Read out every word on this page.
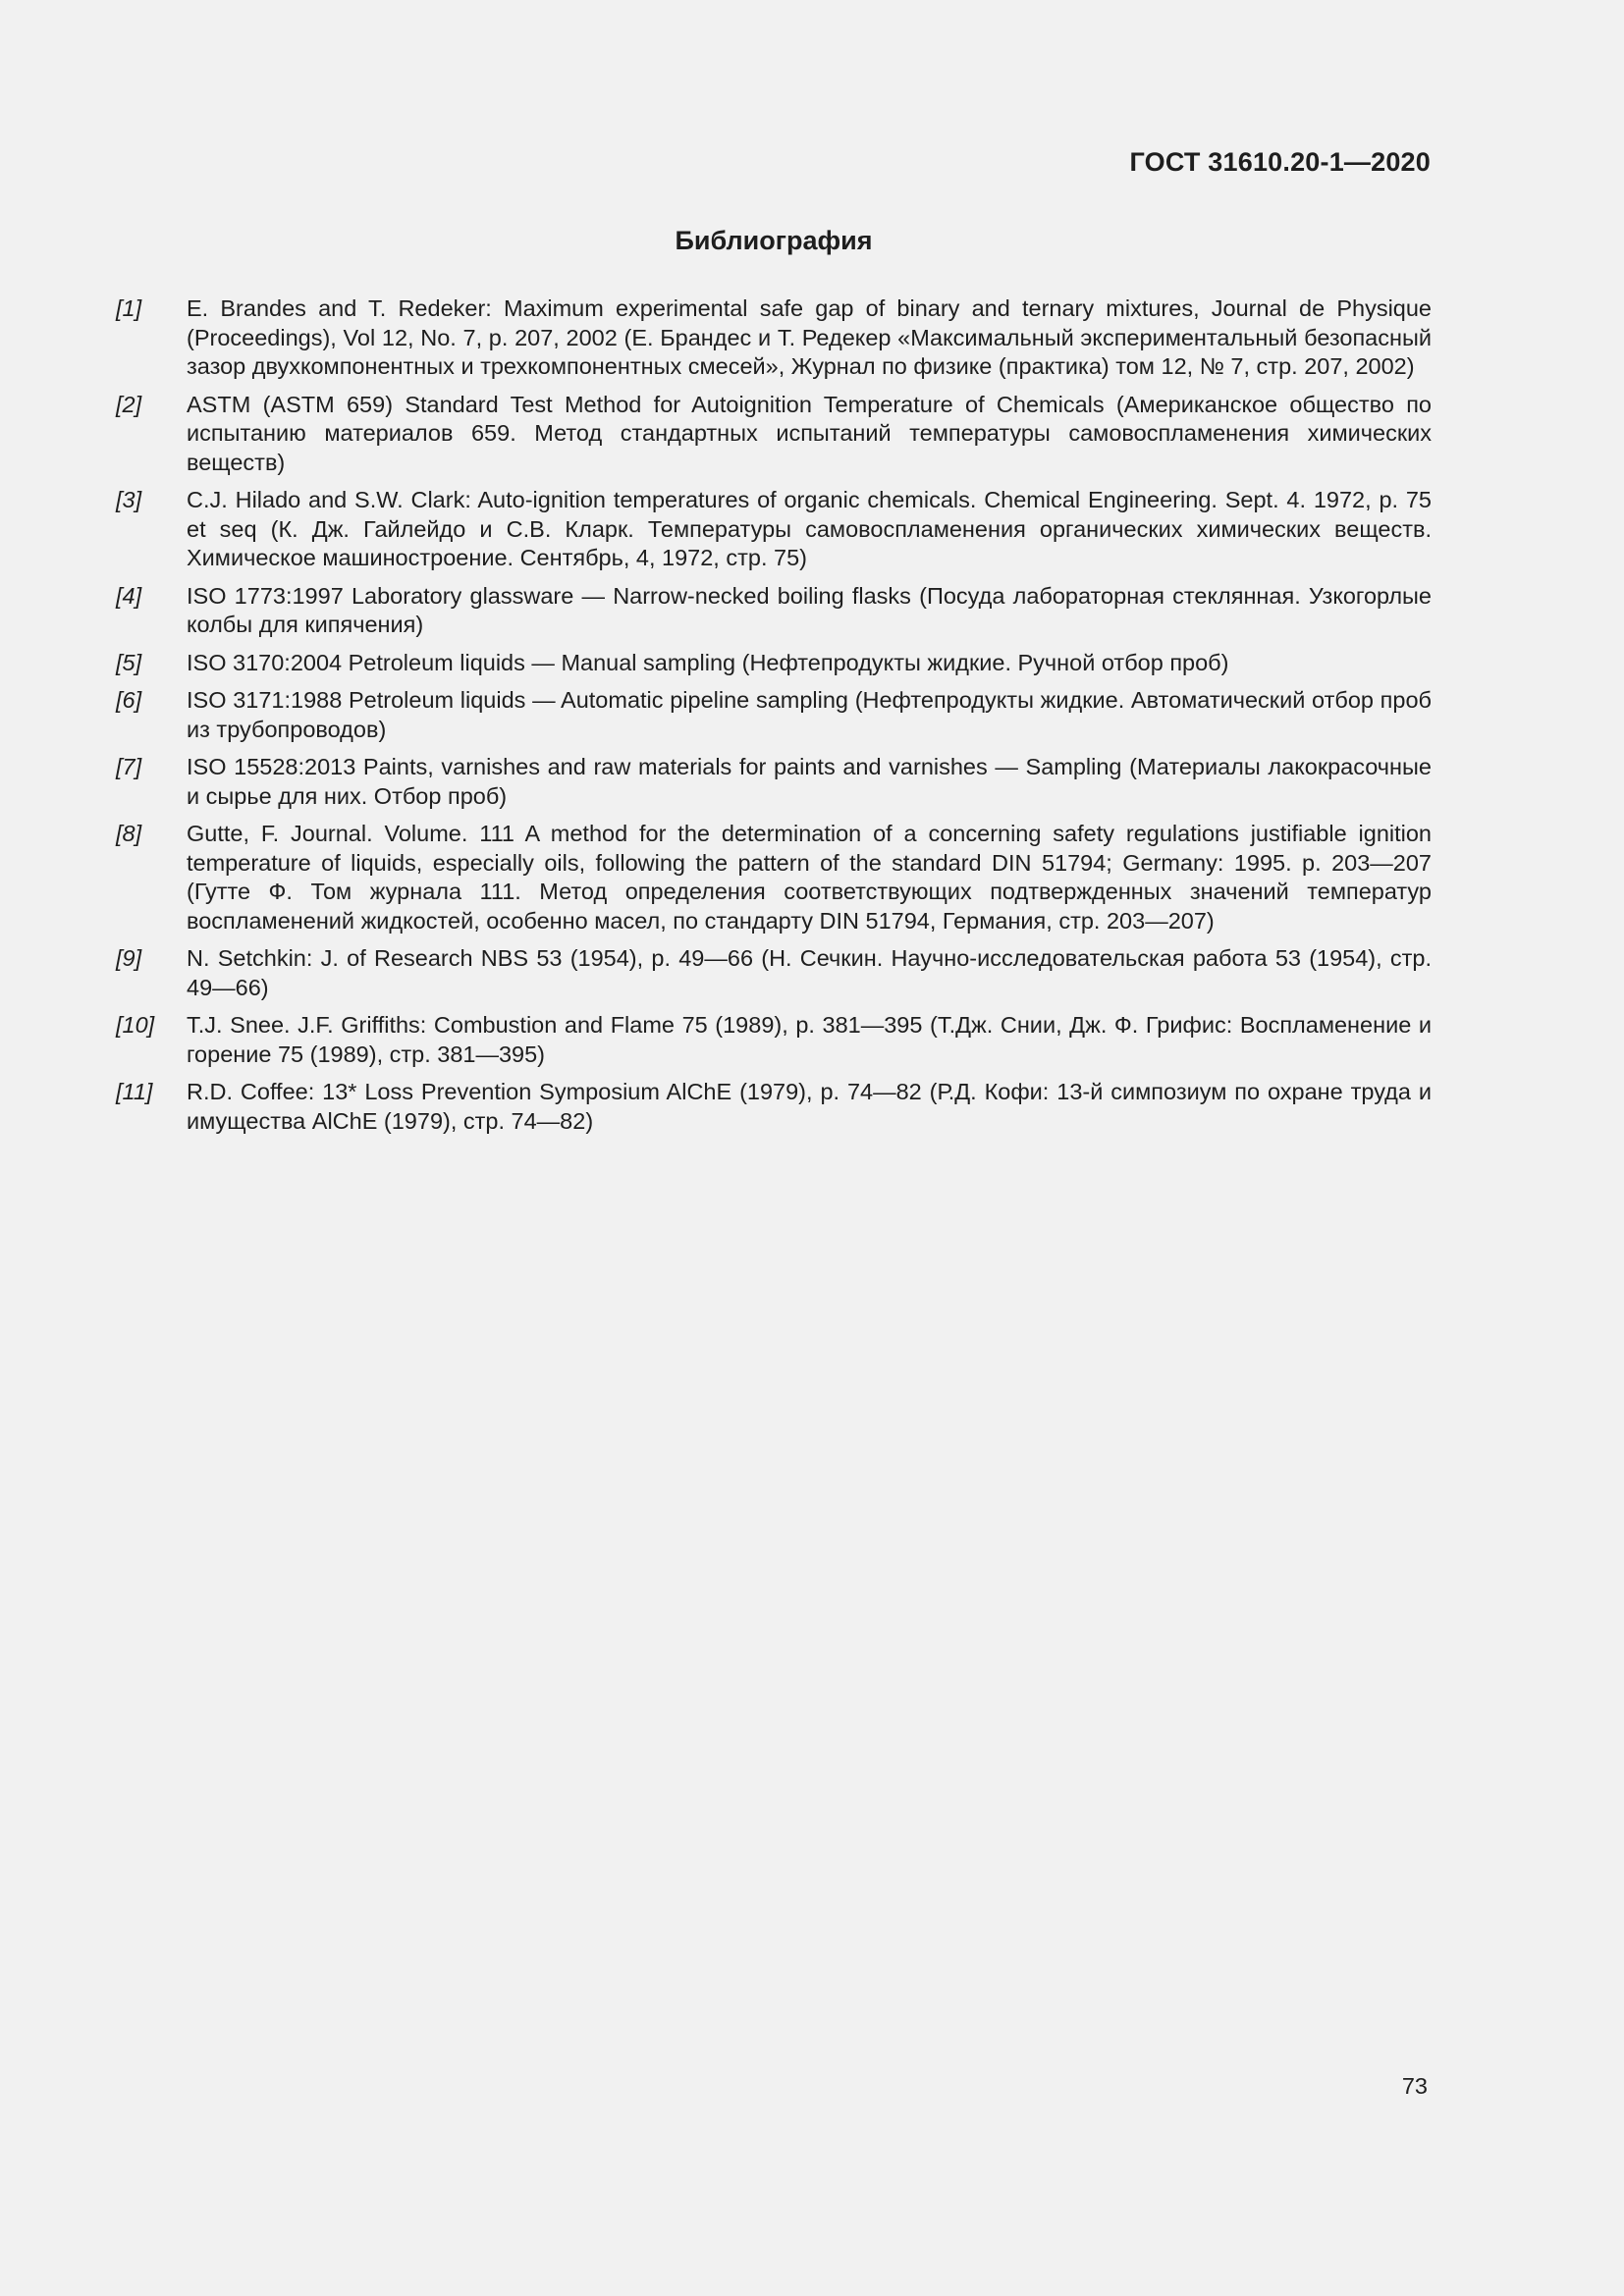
ГОСТ 31610.20-1—2020
Библиография
[1]	E. Brandes and T. Redeker: Maximum experimental safe gap of binary and ternary mixtures, Journal de Physique (Proceedings), Vol 12, No. 7, p. 207, 2002 (Е. Брандес и Т. Редекер «Максимальный экспериментальный безопасный зазор двухкомпонентных и трехкомпонентных смесей», Журнал по физике (практика) том 12, № 7, стр. 207, 2002)
[2]	ASTM (ASTM 659) Standard Test Method for Autoignition Temperature of Chemicals (Американское общество по испытанию материалов 659. Метод стандартных испытаний температуры самовоспламенения химических веществ)
[3]	C.J. Hilado and S.W. Clark: Auto-ignition temperatures of organic chemicals. Chemical Engineering. Sept. 4. 1972, p. 75 et seq (К. Дж. Гайлейдо и С.В. Кларк. Температуры самовоспламенения органических химических веществ. Химическое машиностроение. Сентябрь, 4, 1972, стр. 75)
[4]	ISO 1773:1997 Laboratory glassware — Narrow-necked boiling flasks (Посуда лабораторная стеклянная. Узкогорлые колбы для кипячения)
[5]	ISO 3170:2004 Petroleum liquids — Manual sampling (Нефтепродукты жидкие. Ручной отбор проб)
[6]	ISO 3171:1988 Petroleum liquids — Automatic pipeline sampling (Нефтепродукты жидкие. Автоматический отбор проб из трубопроводов)
[7]	ISO 15528:2013 Paints, varnishes and raw materials for paints and varnishes — Sampling (Материалы лакокрасочные и сырье для них. Отбор проб)
[8]	Gutte, F. Journal. Volume. 111 A method for the determination of a concerning safety regulations justifiable ignition temperature of liquids, especially oils, following the pattern of the standard DIN 51794; Germany: 1995. p. 203—207 (Гутте Ф. Том журнала 111. Метод определения соответствующих подтвержденных значений температур воспламенений жидкостей, особенно масел, по стандарту DIN 51794, Германия, стр. 203—207)
[9]	N. Setchkin: J. of Research NBS 53 (1954), p. 49—66 (Н. Сечкин. Научно-исследовательская работа 53 (1954), стр. 49—66)
[10]	T.J. Snee. J.F. Griffiths: Combustion and Flame 75 (1989), p. 381—395 (Т.Дж. Снии, Дж. Ф. Грифис: Воспламенение и горение 75 (1989), стр. 381—395)
[11]	R.D. Coffee: 13* Loss Prevention Symposium AlChE (1979), p. 74—82 (Р.Д. Кофи: 13-й симпозиум по охране труда и имущества AlChE (1979), стр. 74—82)
73
